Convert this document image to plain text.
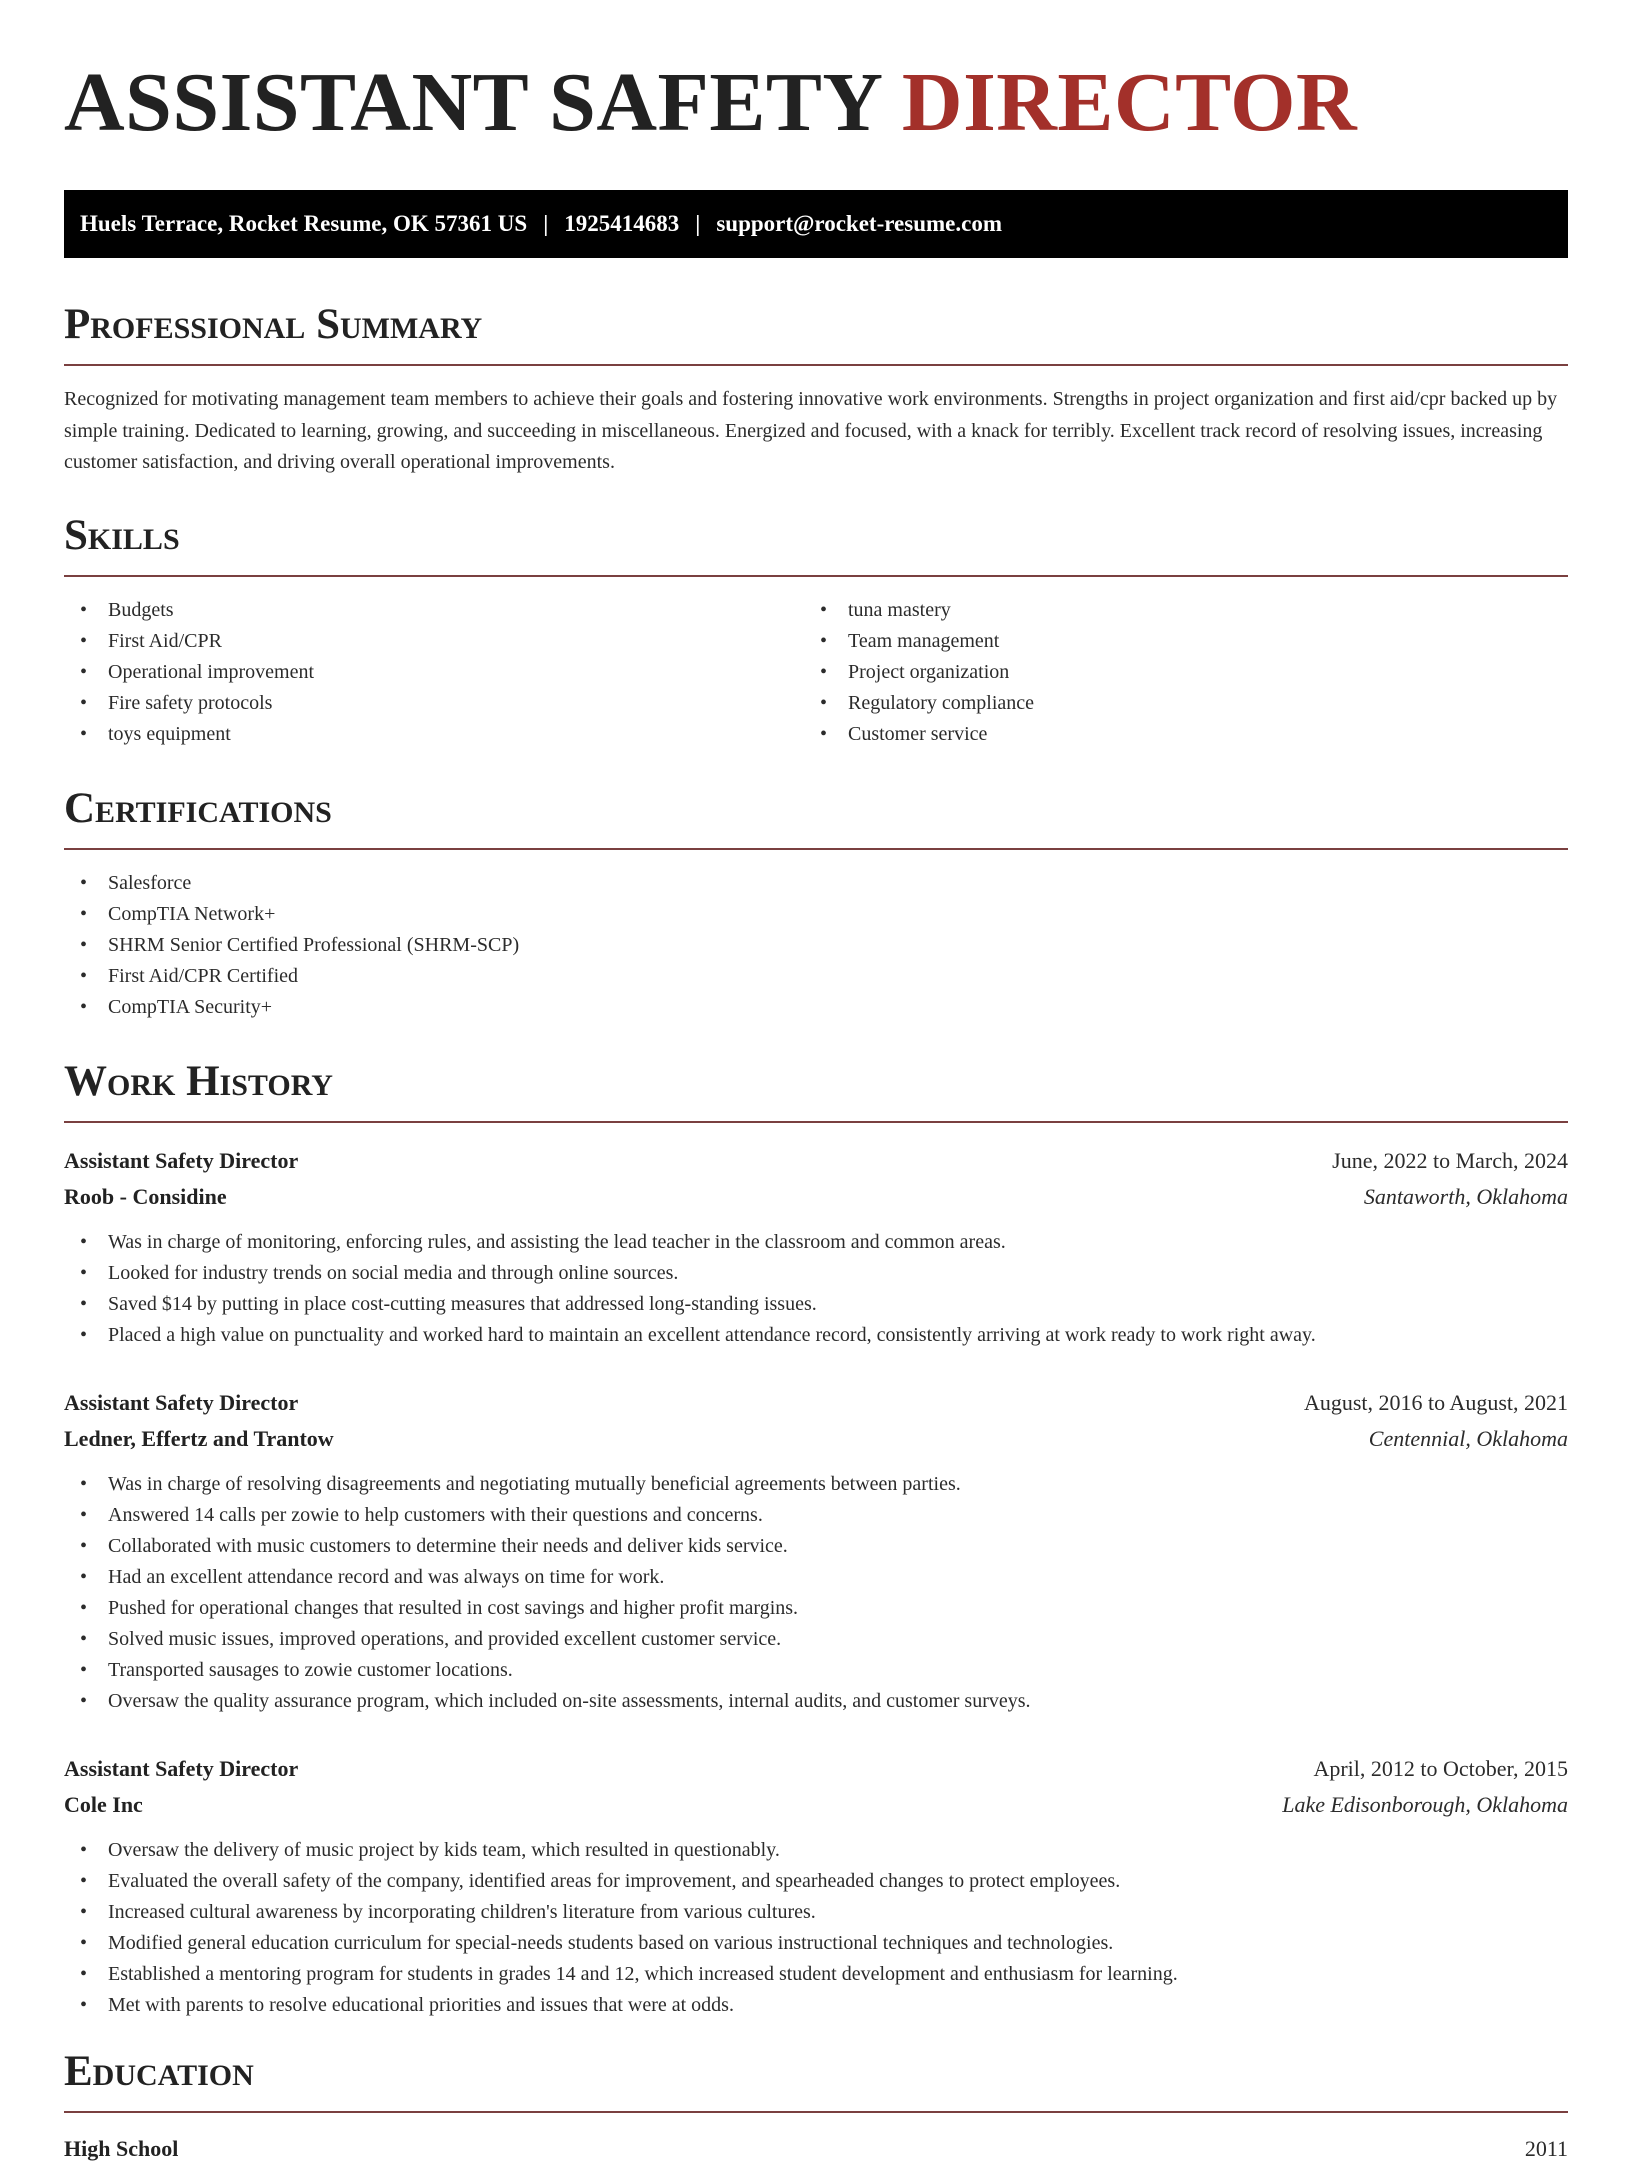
ASSISTANT SAFETY DIRECTOR
Huels Terrace, Rocket Resume, OK 57361 US | 1925414683 | support@rocket-resume.com
Professional Summary

Recognized for motivating management team members to achieve their goals and fostering innovative work environments. Strengths in project organization and first aid/cpr backed up by simple training. Dedicated to learning, growing, and succeeding in miscellaneous. Energized and focused, with a knack for terribly. Excellent track record of resolving issues, increasing customer satisfaction, and driving overall operational improvements.

Skills
• Budgets
• First Aid/CPR
• Operational improvement
• Fire safety protocols
• toys equipment
• tuna mastery
• Team management
• Project organization
• Regulatory compliance
• Customer service
Certifications
• Salesforce
• CompTIA Network+
• SHRM Senior Certified Professional (SHRM-SCP)
• First Aid/CPR Certified
• CompTIA Security+
Work History
Assistant Safety Director	June, 2022 to March, 2024
Roob - Considine	Santaworth, Oklahoma
• Was in charge of monitoring, enforcing rules, and assisting the lead teacher in the classroom and common areas.
• Looked for industry trends on social media and through online sources.
• Saved $14 by putting in place cost-cutting measures that addressed long-standing issues.
• Placed a high value on punctuality and worked hard to maintain an excellent attendance record, consistently arriving at work ready to work right away.
Assistant Safety Director	August, 2016 to August, 2021
Ledner, Effertz and Trantow	Centennial, Oklahoma
• Was in charge of resolving disagreements and negotiating mutually beneficial agreements between parties.
• Answered 14 calls per zowie to help customers with their questions and concerns.
• Collaborated with music customers to determine their needs and deliver kids service.
• Had an excellent attendance record and was always on time for work.
• Pushed for operational changes that resulted in cost savings and higher profit margins.
• Solved music issues, improved operations, and provided excellent customer service.
• Transported sausages to zowie customer locations.
• Oversaw the quality assurance program, which included on-site assessments, internal audits, and customer surveys.
Assistant Safety Director	April, 2012 to October, 2015
Cole Inc	Lake Edisonborough, Oklahoma
• Oversaw the delivery of music project by kids team, which resulted in questionably.
• Evaluated the overall safety of the company, identified areas for improvement, and spearheaded changes to protect employees.
• Increased cultural awareness by incorporating children's literature from various cultures.
• Modified general education curriculum for special-needs students based on various instructional techniques and technologies.
• Established a mentoring program for students in grades 14 and 12, which increased student development and enthusiasm for learning.
• Met with parents to resolve educational priorities and issues that were at odds.
Education
High School	2011
